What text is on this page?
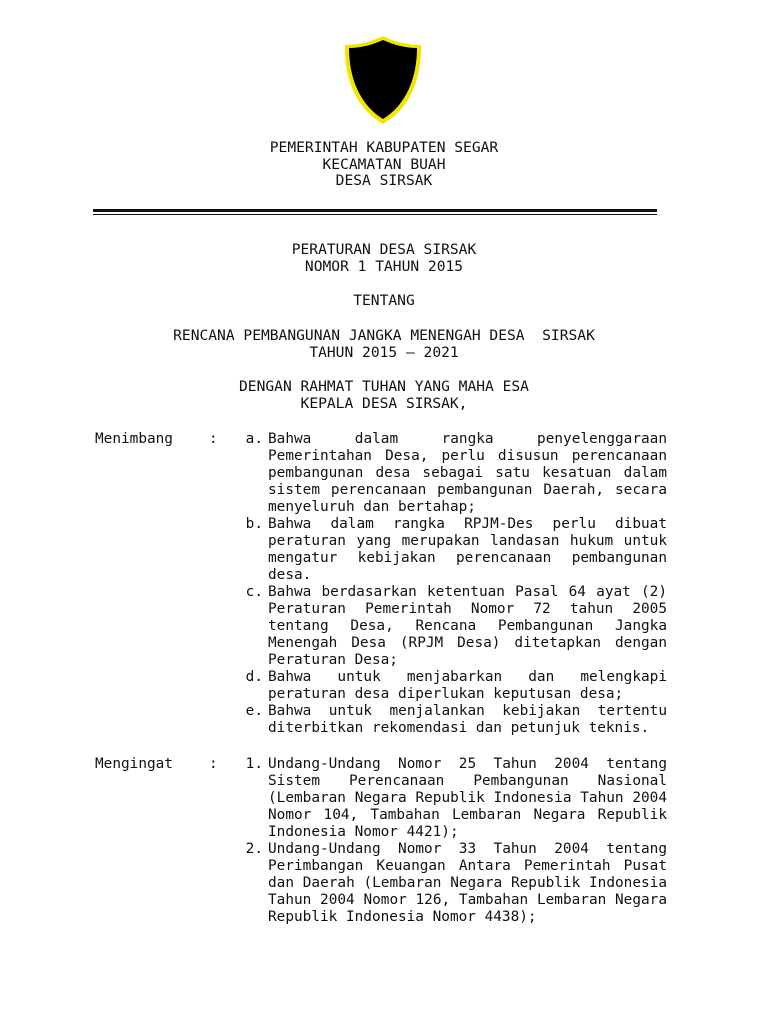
PEMERINTAH KABUPATEN SEGAR
KECAMATAN BUAH
DESA SIRSAK
PERATURAN DESA SIRSAK
NOMOR 1 TAHUN 2015
TENTANG
RENCANA PEMBANGUNAN JANGKA MENENGAH DESA  SIRSAK
TAHUN 2015 – 2021
DENGAN RAHMAT TUHAN YANG MAHA ESA
KEPALA DESA SIRSAK,
Menimbang	:	a. Bahwa dalam rangka penyelenggaraan Pemerintahan Desa, perlu disusun perencanaan pembangunan desa sebagai satu kesatuan dalam sistem perencanaan pembangunan Daerah, secara menyeluruh dan bertahap;
b. Bahwa dalam rangka RPJM-Des perlu dibuat peraturan yang merupakan landasan hukum untuk mengatur kebijakan perencanaan pembangunan desa.
c. Bahwa berdasarkan ketentuan Pasal 64 ayat (2) Peraturan Pemerintah Nomor 72 tahun 2005 tentang Desa, Rencana Pembangunan Jangka Menengah Desa (RPJM Desa) ditetapkan dengan Peraturan Desa;
d. Bahwa untuk menjabarkan dan melengkapi peraturan desa diperlukan keputusan desa;
e. Bahwa untuk menjalankan kebijakan tertentu diterbitkan rekomendasi dan petunjuk teknis.
Mengingat	:	1. Undang-Undang Nomor 25 Tahun 2004 tentang Sistem Perencanaan Pembangunan Nasional (Lembaran Negara Republik Indonesia Tahun 2004 Nomor 104, Tambahan Lembaran Negara Republik Indonesia Nomor 4421);
2. Undang-Undang Nomor 33 Tahun 2004 tentang Perimbangan Keuangan Antara Pemerintah Pusat dan Daerah (Lembaran Negara Republik Indonesia Tahun 2004 Nomor 126, Tambahan Lembaran Negara Republik Indonesia Nomor 4438);
